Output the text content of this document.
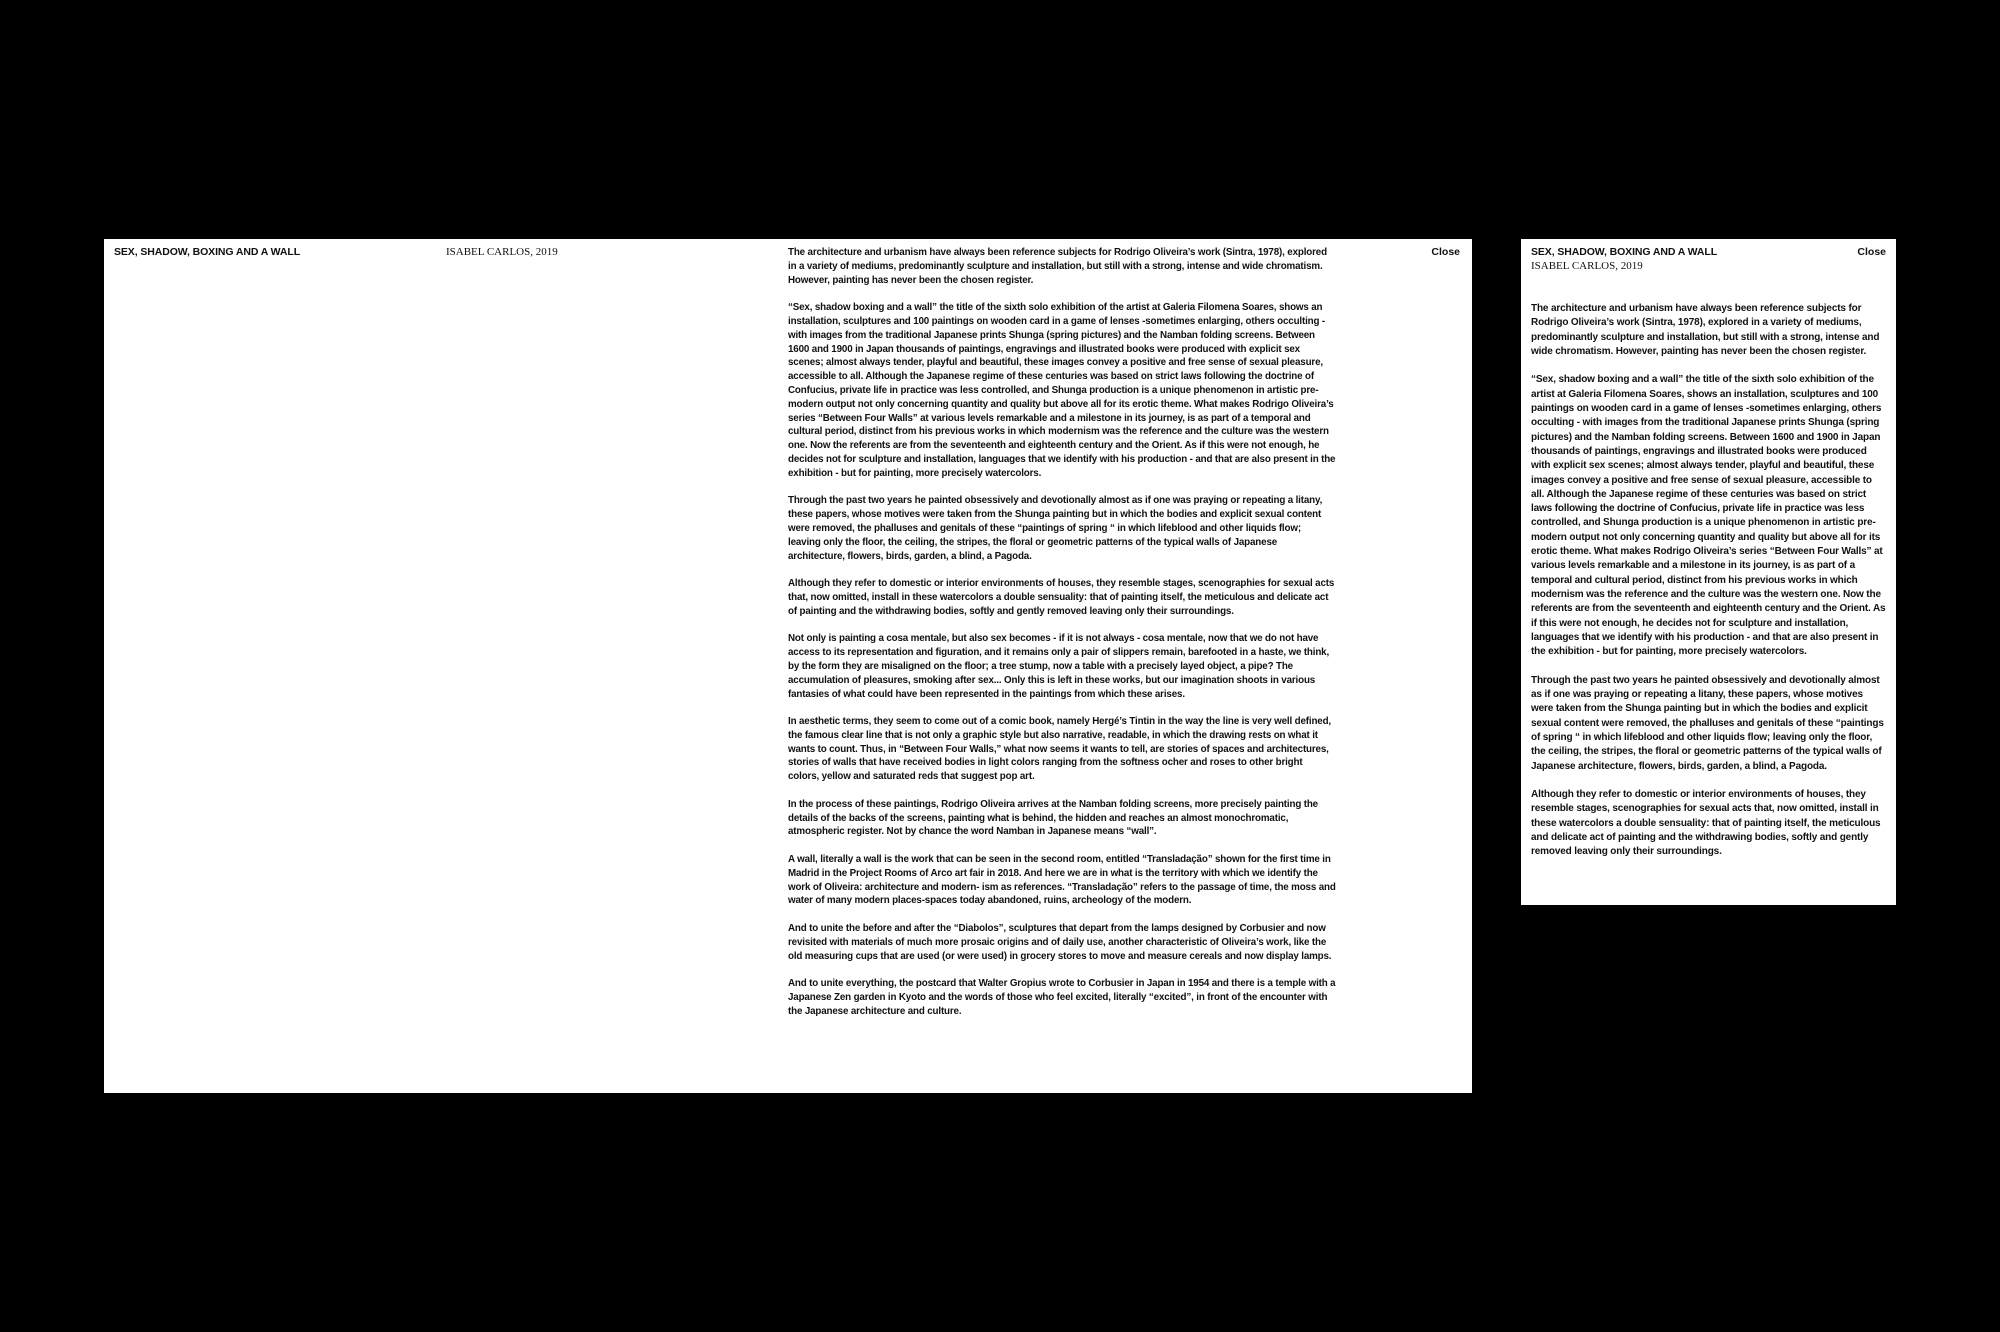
SEX, SHADOW, BOXING AND A WALL	ISABEL CARLOS, 2019	Close

The architecture and urbanism have always been reference subjects for Rodrigo Oliveira’s work (Sintra, 1978), explored in a variety of mediums, predominantly sculpture and installation, but still with a strong, intense and wide chromatism. However, painting has never been the chosen register.

“Sex, shadow boxing and a wall” the title of the sixth solo exhibition of the artist at Galeria Filomena Soares, shows an installation, sculptures and 100 paintings on wooden card in a game of lenses -sometimes enlarging, others occulting - with images from the traditional Japanese prints Shunga (spring pictures) and the Namban folding screens. Between 1600 and 1900 in Japan thousands of paintings, engravings and illustrated books were produced with explicit sex scenes; almost always tender, playful and beautiful, these images convey a positive and free sense of sexual pleasure, accessible to all. Although the Japanese regime of these centuries was based on strict laws following the doctrine of Confucius, private life in practice was less controlled, and Shunga production is a unique phenomenon in artistic pre- modern output not only concerning quantity and quality but above all for its erotic theme. What makes Rodrigo Oliveira’s series “Between Four Walls” at various levels remarkable and a milestone in its journey, is as part of a temporal and cultural period, distinct from his previous works in which modernism was the reference and the culture was the western one. Now the referents are from the seventeenth and eighteenth century and the Orient. As if this were not enough, he decides not for sculpture and installation, languages that we identify with his production - and that are also present in the exhibition - but for painting, more precisely watercolors.

Through the past two years he painted obsessively and devotionally almost as if one was praying or repeating a litany, these papers, whose motives were taken from the Shunga painting but in which the bodies and explicit sexual content were removed, the phalluses and genitals of these “paintings of spring “ in which lifeblood and other liquids flow; leaving only the floor, the ceiling, the stripes, the floral or geometric patterns of the typical walls of Japanese architecture, flowers, birds, garden, a blind, a Pagoda.

Although they refer to domestic or interior environments of houses, they resemble stages, scenographies for sexual acts that, now omitted, install in these watercolors a double sensuality: that of painting itself, the meticulous and delicate act of painting and the withdrawing bodies, softly and gently removed leaving only their surroundings.

Not only is painting a cosa mentale, but also sex becomes - if it is not always - cosa mentale, now that we do not have access to its representation and figuration, and it remains only a pair of slippers remain, barefooted in a haste, we think, by the form they are misaligned on the floor; a tree stump, now a table with a precisely layed object, a pipe? The accumulation of pleasures, smoking after sex... Only this is left in these works, but our imagination shoots in various fantasies of what could have been represented in the paintings from which these arises.

In aesthetic terms, they seem to come out of a comic book, namely Hergé’s Tintin in the way the line is very well defined, the famous clear line that is not only a graphic style but also narrative, readable, in which the drawing rests on what it wants to count. Thus, in “Between Four Walls,” what now seems it wants to tell, are stories of spaces and architectures, stories of walls that have received bodies in light colors ranging from the softness ocher and roses to other bright colors, yellow and saturated reds that suggest pop art.

In the process of these paintings, Rodrigo Oliveira arrives at the Namban folding screens, more precisely painting the details of the backs of the screens, painting what is behind, the hidden and reaches an almost monochromatic, atmospheric register. Not by chance the word Namban in Japanese means “wall”.

A wall, literally a wall is the work that can be seen in the second room, entitled “Transladação” shown for the first time in Madrid in the Project Rooms of Arco art fair in 2018. And here we are in what is the territory with which we identify the work of Oliveira: architecture and modern- ism as references. “Transladação” refers to the passage of time, the moss and water of many modern places-spaces today abandoned, ruins, archeology of the modern.

And to unite the before and after the “Diabolos”, sculptures that depart from the lamps designed by Corbusier and now revisited with materials of much more prosaic origins and of daily use, another characteristic of Oliveira’s work, like the old measuring cups that are used (or were used) in grocery stores to move and measure cereals and now display lamps.

And to unite everything, the postcard that Walter Gropius wrote to Corbusier in Japan in 1954 and there is a temple with a Japanese Zen garden in Kyoto and the words of those who feel excited, literally “excited”, in front of the encounter with the Japanese architecture and culture.

SEX, SHADOW, BOXING AND A WALL
ISABEL CARLOS, 2019
Close

The architecture and urbanism have always been reference subjects for Rodrigo Oliveira’s work (Sintra, 1978), explored in a variety of mediums, predominantly sculpture and installation, but still with a strong, intense and wide chromatism. However, painting has never been the chosen register.

“Sex, shadow boxing and a wall” the title of the sixth solo exhibition of the artist at Galeria Filomena Soares, shows an installation, sculptures and 100 paintings on wooden card in a game of lenses -sometimes enlarging, others occulting - with images from the traditional Japanese prints Shunga (spring pictures) and the Namban folding screens. Between 1600 and 1900 in Japan thousands of paintings, engravings and illustrated books were produced with explicit sex scenes; almost always tender, playful and beautiful, these images convey a positive and free sense of sexual pleasure, accessible to all. Although the Japanese regime of these centuries was based on strict laws following the doctrine of Confucius, private life in practice was less controlled, and Shunga production is a unique phenomenon in artistic pre- modern output not only concerning quantity and quality but above all for its erotic theme. What makes Rodrigo Oliveira’s series “Between Four Walls” at various levels remarkable and a milestone in its journey, is as part of a temporal and cultural period, distinct from his previous works in which modernism was the reference and the culture was the western one. Now the referents are from the seventeenth and eighteenth century and the Orient. As if this were not enough, he decides not for sculpture and installation, languages that we identify with his production - and that are also present in the exhibition - but for painting, more precisely watercolors.

Through the past two years he painted obsessively and devotionally almost as if one was praying or repeating a litany, these papers, whose motives were taken from the Shunga painting but in which the bodies and explicit sexual content were removed, the phalluses and genitals of these “paintings of spring “ in which lifeblood and other liquids flow; leaving only the floor, the ceiling, the stripes, the floral or geometric patterns of the typical walls of Japanese architecture, flowers, birds, garden, a blind, a Pagoda.

Although they refer to domestic or interior environments of houses, they resemble stages, scenographies for sexual acts that, now omitted, install in these watercolors a double sensuality: that of painting itself, the meticulous and delicate act of painting and the withdrawing bodies, softly and gently removed leaving only their surroundings.
